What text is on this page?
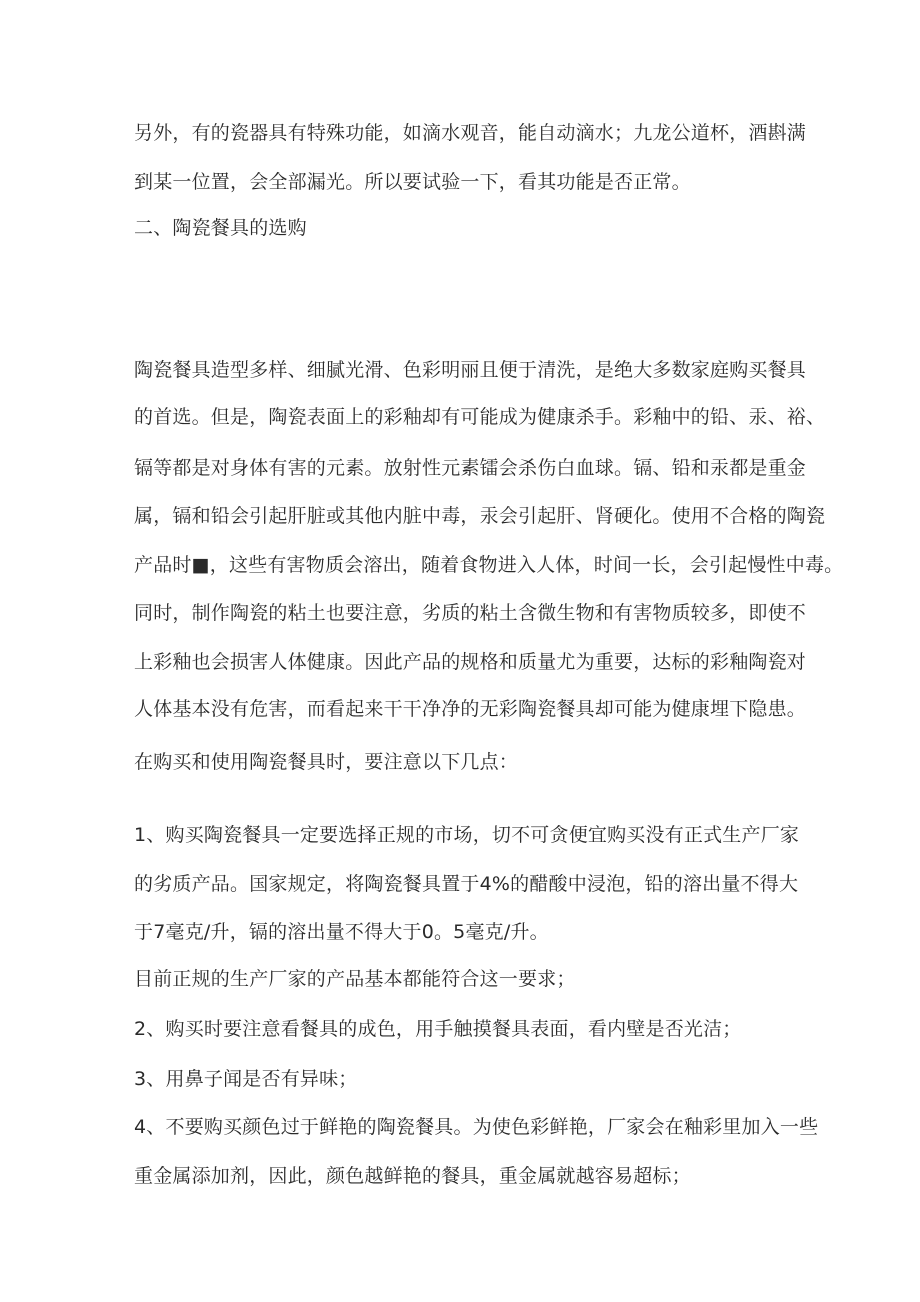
另外，有的瓷器具有特殊功能，如滴水观音，能自动滴水；九龙公道杯，酒斟满
到某一位置，会全部漏光。所以要试验一下，看其功能是否正常。
二、陶瓷餐具的选购
陶瓷餐具造型多样、细腻光滑、色彩明丽且便于清洗，是绝大多数家庭购买餐具
的首选。但是，陶瓷表面上的彩釉却有可能成为健康杀手。彩釉中的铅、汞、裕、
镉等都是对身体有害的元素。放射性元素镭会杀伤白血球。镉、铅和汞都是重金
属，镉和铅会引起肝脏或其他内脏中毒，汞会引起肝、肾硬化。使用不合格的陶瓷
产品时■，这些有害物质会溶出，随着食物进入人体，时间一长，会引起慢性中毒。
同时，制作陶瓷的粘土也要注意，劣质的粘土含微生物和有害物质较多，即使不
上彩釉也会损害人体健康。因此产品的规格和质量尤为重要，达标的彩釉陶瓷对
人体基本没有危害，而看起来干干净净的无彩陶瓷餐具却可能为健康埋下隐患。
在购买和使用陶瓷餐具时，要注意以下几点：
1、购买陶瓷餐具一定要选择正规的市场，切不可贪便宜购买没有正式生产厂家
的劣质产品。国家规定，将陶瓷餐具置于4%的醋酸中浸泡，铅的溶出量不得大
于7毫克/升，镉的溶出量不得大于0。5毫克/升。
目前正规的生产厂家的产品基本都能符合这一要求；
2、购买时要注意看餐具的成色，用手触摸餐具表面，看内壁是否光洁；
3、用鼻子闻是否有异味；
4、不要购买颜色过于鲜艳的陶瓷餐具。为使色彩鲜艳，厂家会在釉彩里加入一些
重金属添加剂，因此，颜色越鲜艳的餐具，重金属就越容易超标；
